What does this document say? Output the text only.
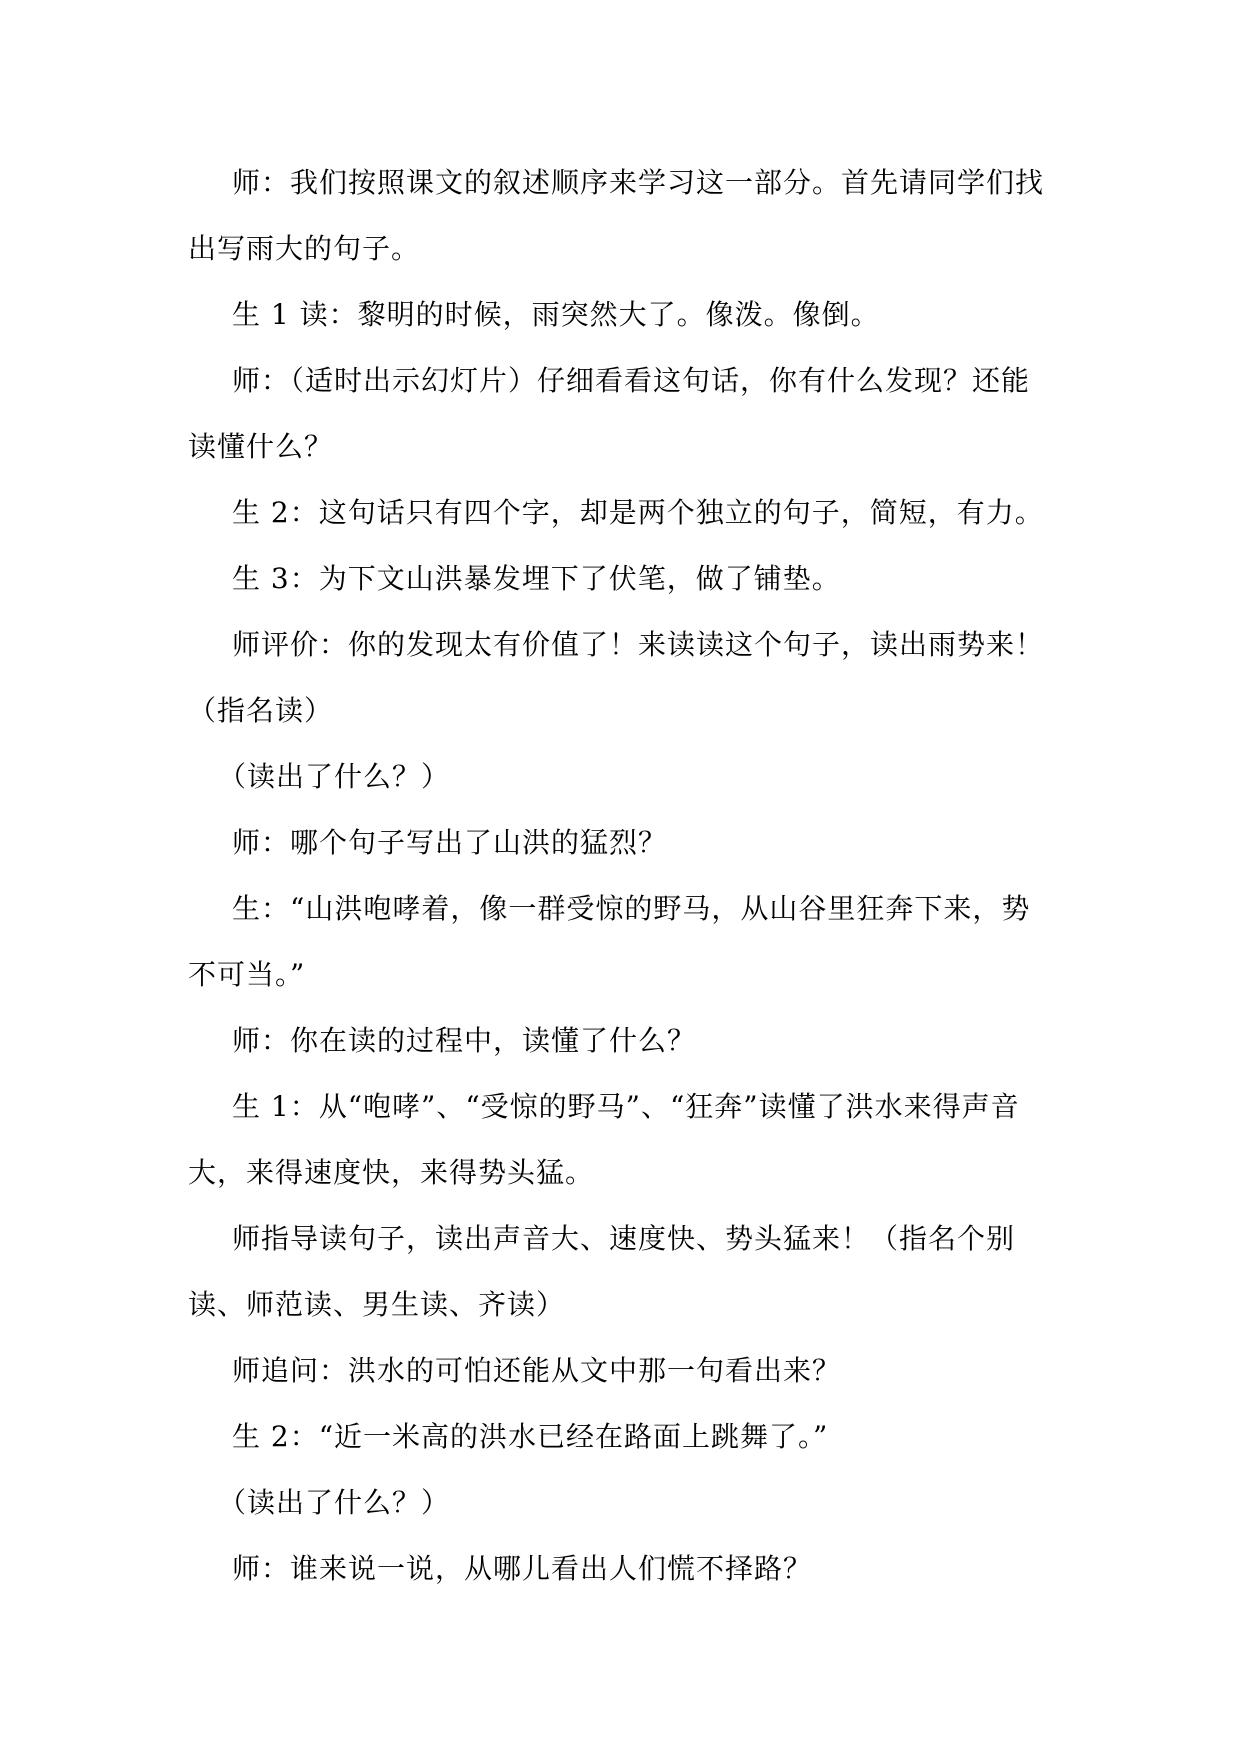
师：我们按照课文的叙述顺序来学习这一部分。首先请同学们找出写雨大的句子。

生 1 读：黎明的时候，雨突然大了。像泼。像倒。

师：（适时出示幻灯片）仔细看看这句话，你有什么发现？还能读懂什么？

生 2：这句话只有四个字，却是两个独立的句子，简短，有力。

生 3：为下文山洪暴发埋下了伏笔，做了铺垫。

师评价：你的发现太有价值了！来读读这个句子，读出雨势来！

（指名读）

（读出了什么？）

师：哪个句子写出了山洪的猛烈？

生：“山洪咆哮着，像一群受惊的野马，从山谷里狂奔下来，势不可当。”

师：你在读的过程中，读懂了什么？

生 1：从“咆哮”、“受惊的野马”、“狂奔”读懂了洪水来得声音大，来得速度快，来得势头猛。

师指导读句子，读出声音大、速度快、势头猛来！（指名个别读、师范读、男生读、齐读）

师追问：洪水的可怕还能从文中那一句看出来？

生 2：“近一米高的洪水已经在路面上跳舞了。”

（读出了什么？）

师：谁来说一说，从哪儿看出人们慌不择路？
